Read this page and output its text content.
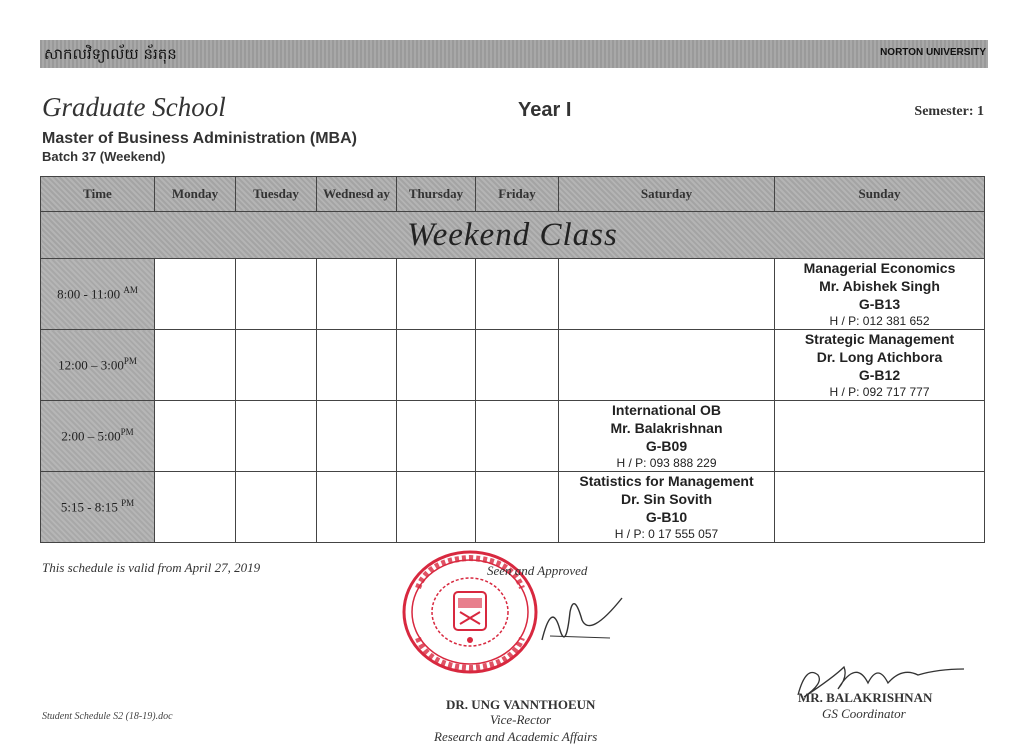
សាកលវិទ្យាល័យ ន័រតុន	NORTON UNIVERSITY
Graduate School	Year I	Semester: 1
Master of Business Administration (MBA)
Batch 37 (Weekend)
Time	Monday	Tuesday	Wednesd ay	Thursday	Friday	Saturday	Sunday
Weekend Class							
8:00 - 11:00 $^{AM}$							Managerial Economics
Mr. Abishek Singh
G-B13
H / P: 012 381 652

12:00 – $3:00^{PM}$							Strategic Management
Dr. Long Atichbora
G-B12
H / P: 092 717 777

2:00 – $5:00^{PM}$						International OB
Mr. Balakrishnan
G-B09
H / P: 093 888 229	

5:15 - 8:15 $^{PM}$						Statistics for Management
Dr. Sin Sovith
G-B10
H / P: 0 17 555 057	

This schedule is valid from April 27, 2019	Seen and Approved
DR. UNG VANNTHOEUN
Vice-Rector
Research and Academic Affairs
MR. BALAKRISHNAN
GS Coordinator
Student Schedule S2 (18-19).doc
